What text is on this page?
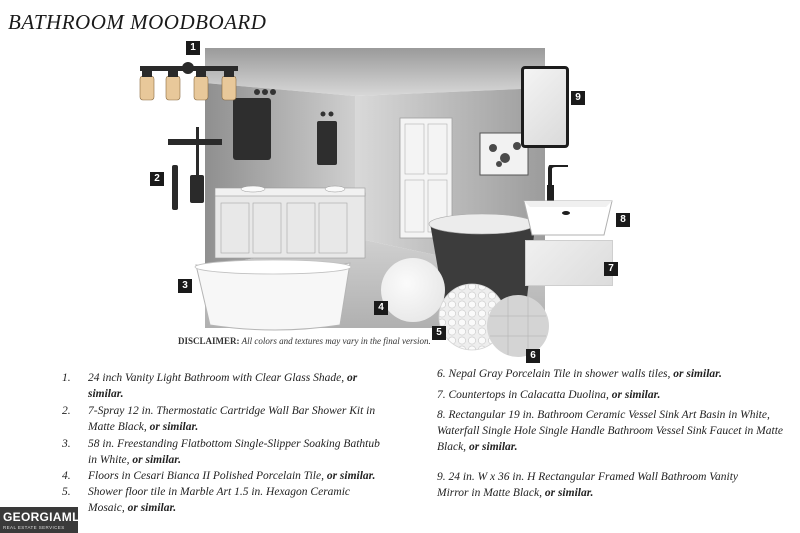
BATHROOM MOODBOARD
1
2
3
4
5
6
7
8
9
DISCLAIMER: All colors and textures may vary in the final version.
1.	24 inch Vanity Light Bathroom with Clear Glass Shade, or
similar.
2.	7-Spray 12 in. Thermostatic Cartridge Wall Bar Shower Kit in
Matte Black, or similar.
3.	58 in. Freestanding Flatbottom Single-Slipper Soaking Bathtub
in White, or similar.
4.	Floors in Cesari Bianca II Polished Porcelain Tile, or similar.
5.	Shower floor tile in Marble Art 1.5 in. Hexagon Ceramic
Mosaic, or similar.
6. Nepal Gray Porcelain Tile in shower walls tiles, or similar.
7. Countertops in Calacatta Duolina, or similar.
8. Rectangular 19 in. Bathroom Ceramic Vessel Sink Art Basin in White,
Waterfall Single Hole Single Handle Bathroom Vessel Sink Faucet in Matte
Black, or similar.
9. 24 in. W x 36 in. H Rectangular Framed Wall Bathroom Vanity
Mirror in Matte Black, or similar.
GEORGIAMLS
REAL ESTATE SERVICES
